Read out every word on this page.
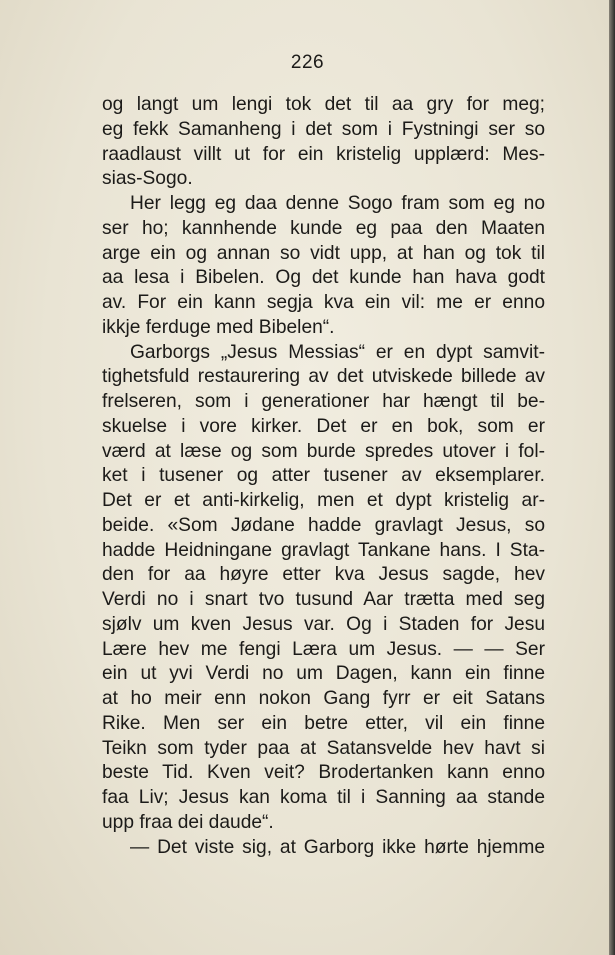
226
og langt um lengi tok det til aa gry for meg;
eg fekk Samanheng i det som i Fystningi ser so
raadlaust villt ut for ein kristelig upplærd: Mes-
sias-Sogo.
Her legg eg daa denne Sogo fram som eg no
ser ho; kannhende kunde eg paa den Maaten
arge ein og annan so vidt upp, at han og tok til
aa lesa i Bibelen. Og det kunde han hava godt
av. For ein kann segja kva ein vil: me er enno
ikkje ferduge med Bibelen“.
Garborgs „Jesus Messias“ er en dypt samvit-
tighetsfuld restaurering av det utviskede billede av
frelseren, som i generationer har hængt til be-
skuelse i vore kirker. Det er en bok, som er
værd at læse og som burde spredes utover i fol-
ket i tusener og atter tusener av eksemplarer.
Det er et anti-kirkelig, men et dypt kristelig ar-
beide. «Som Jødane hadde gravlagt Jesus, so
hadde Heidningane gravlagt Tankane hans. I Sta-
den for aa høyre etter kva Jesus sagde, hev
Verdi no i snart tvo tusund Aar trætta med seg
sjølv um kven Jesus var. Og i Staden for Jesu
Lære hev me fengi Læra um Jesus. — — Ser
ein ut yvi Verdi no um Dagen, kann ein finne
at ho meir enn nokon Gang fyrr er eit Satans
Rike. Men ser ein betre etter, vil ein finne
Teikn som tyder paa at Satansvelde hev havt si
beste Tid. Kven veit? Brodertanken kann enno
faa Liv; Jesus kan koma til i Sanning aa stande
upp fraa dei daude“.
— Det viste sig, at Garborg ikke hørte hjemme
